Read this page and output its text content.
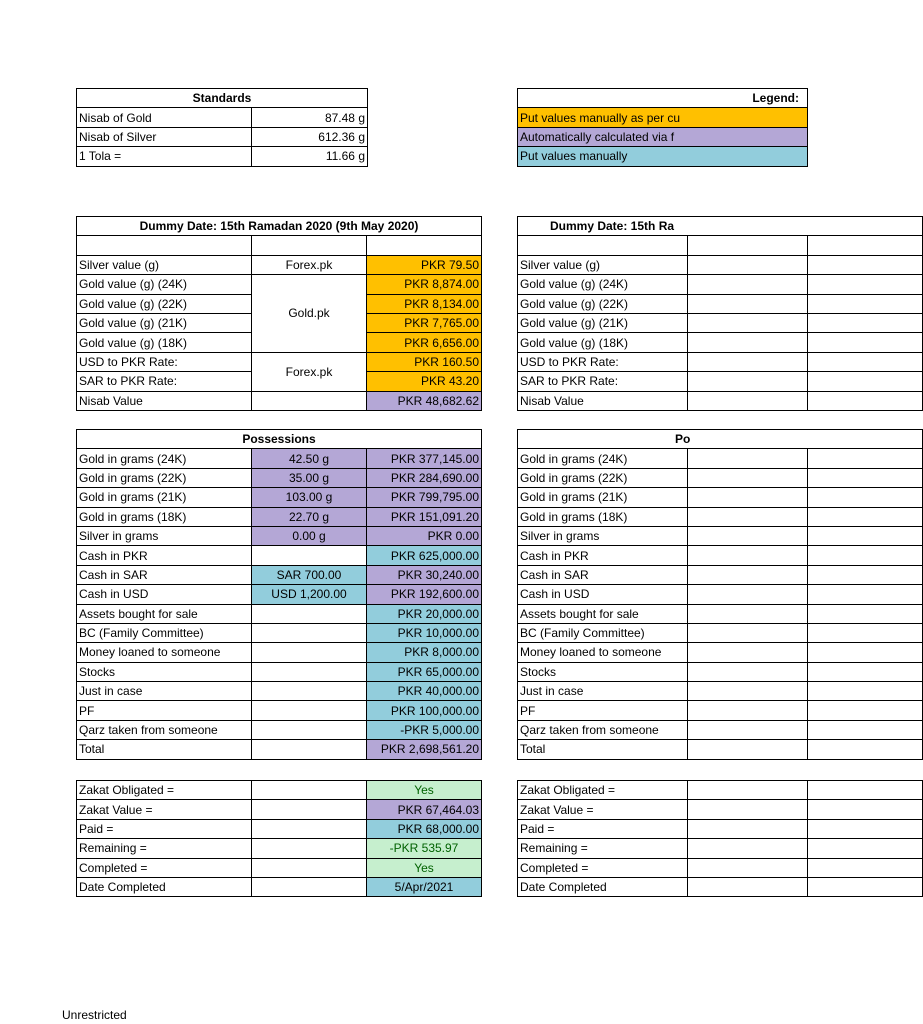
Standards	
Nisab of Gold	87.48 g
Nisab of Silver	612.36 g
1 Tola =	11.66 g
Dummy Date: 15th Ramadan 2020 (9th May 2020)		

Silver value (g)	Forex.pk	PKR 79.50
Gold value (g) (24K)	Gold.pk	PKR 8,874.00
Gold value (g) (22K)		PKR 8,134.00
Gold value (g) (21K)		PKR 7,765.00
Gold value (g) (18K)		PKR 6,656.00
USD to PKR Rate:	Forex.pk	PKR 160.50
SAR to PKR Rate:		PKR 43.20
Nisab Value		PKR 48,682.62
Possessions		
Gold in grams (24K)	42.50 g	PKR 377,145.00
Gold in grams (22K)	35.00 g	PKR 284,690.00
Gold in grams (21K)	103.00 g	PKR 799,795.00
Gold in grams (18K)	22.70 g	PKR 151,091.20
Silver in grams	0.00 g	PKR 0.00
Cash in PKR		PKR 625,000.00
Cash in SAR	SAR 700.00	PKR 30,240.00
Cash in USD	USD 1,200.00	PKR 192,600.00
Assets bought for sale		PKR 20,000.00
BC (Family Committee)		PKR 10,000.00
Money loaned to someone		PKR 8,000.00
Stocks		PKR 65,000.00
Just in case		PKR 40,000.00
PF		PKR 100,000.00
Qarz taken from someone		-PKR 5,000.00
Total		PKR 2,698,561.20
Zakat Obligated =		Yes
Zakat Value =		PKR 67,464.03
Paid =		PKR 68,000.00
Remaining =		-PKR 535.97
Completed =		Yes
Date Completed		5/Apr/2021
Legend:
Put values manually as per cu
Automatically calculated via f
Put values manually
Dummy Date: 15th Ra		

Silver value (g)		
Gold value (g) (24K)		
Gold value (g) (22K)		
Gold value (g) (21K)		
Gold value (g) (18K)		
USD to PKR Rate:		
SAR to PKR Rate:		
Nisab Value		
Po		
Gold in grams (24K)		
Gold in grams (22K)		
Gold in grams (21K)		
Gold in grams (18K)		
Silver in grams		
Cash in PKR		
Cash in SAR		
Cash in USD		
Assets bought for sale		
BC (Family Committee)		
Money loaned to someone		
Stocks		
Just in case		
PF		
Qarz taken from someone		
Total		
Zakat Obligated =		
Zakat Value =		
Paid =		
Remaining =		
Completed =		
Date Completed		
Unrestricted
